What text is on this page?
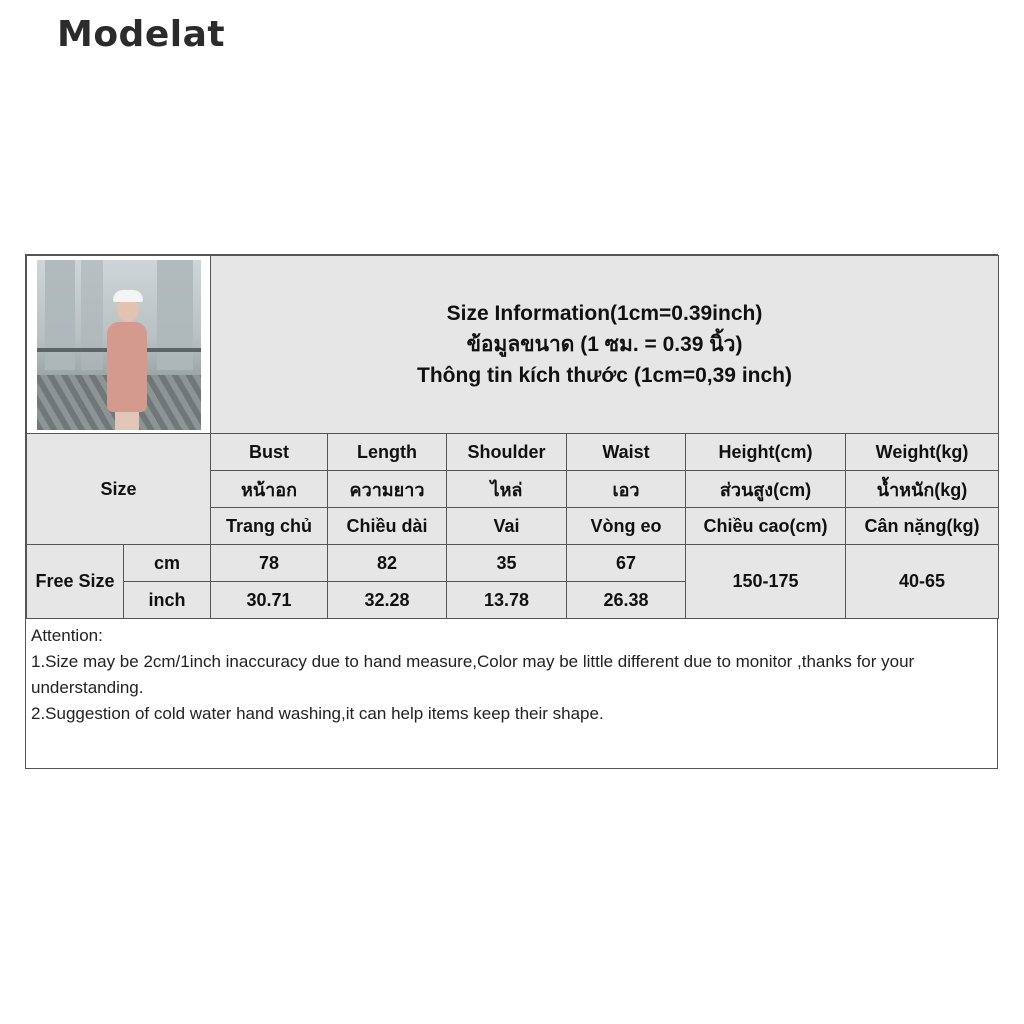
Modelat

		Size Information(1cm=0.39inch)
ข้อมูลขนาด (1 ซม. = 0.39 นิ้ว)
Thông tin kích thước (1cm=0,39 inch)					

Size		Bust	Length	Shoulder	Waist	Height(cm)	Weight(kg)
		หน้าอก	ความยาว	ไหล่	เอว	ส่วนสูง(cm)	น้ำหนัก(kg)
		Trang chủ	Chiều dài	Vai	Vòng eo	Chiều cao(cm)	Cân nặng(kg)
Free Size	cm	78	82	35	67	150-175	40-65
	inch	30.71	32.28	13.78	26.38		
Attention:
1.Size may be 2cm/1inch inaccuracy due to hand measure,Color may be little different due to monitor ,thanks for your understanding.
2.Suggestion of cold water hand washing,it can help items keep their shape.
